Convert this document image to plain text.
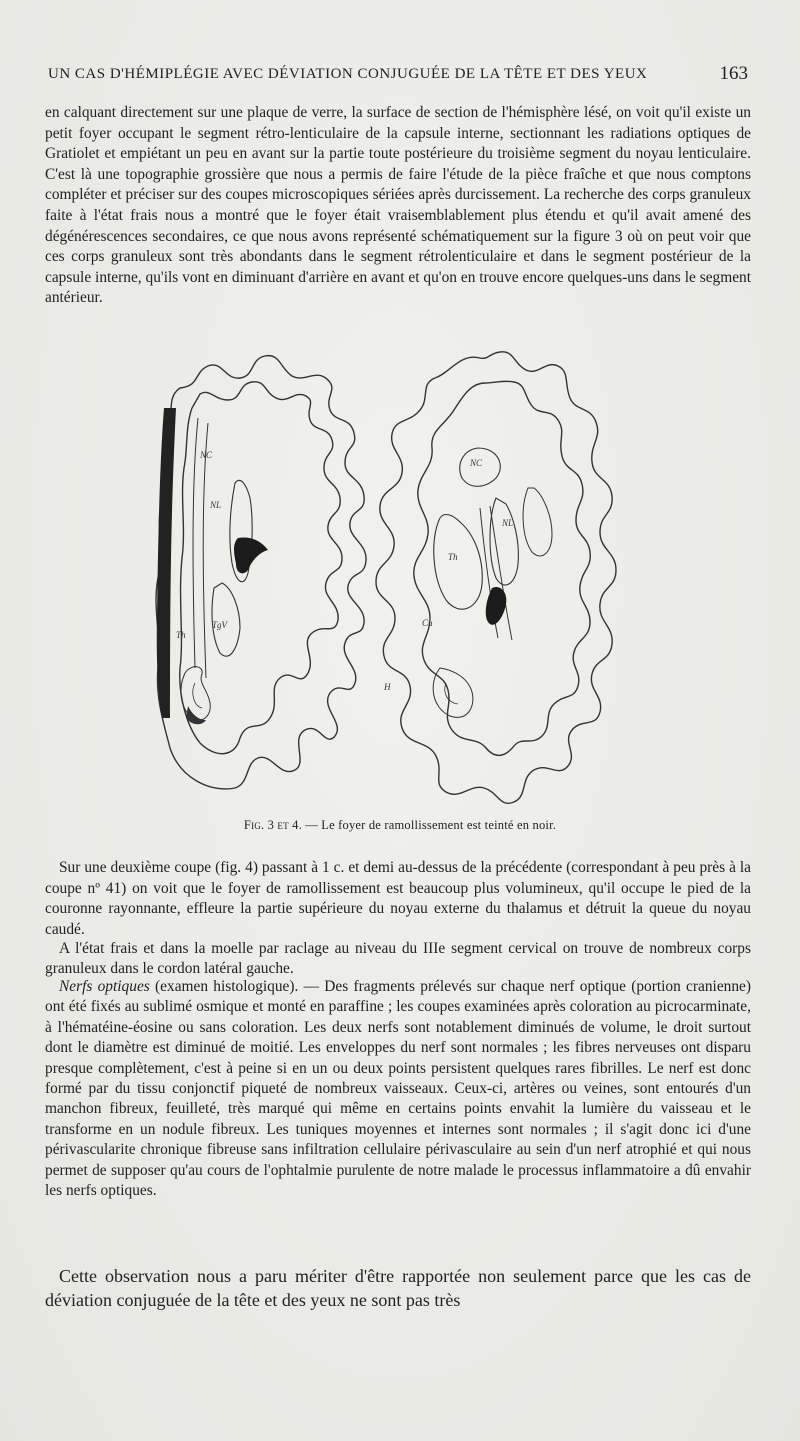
UN CAS D'HÉMIPLÉGIE AVEC DÉVIATION CONJUGUÉE DE LA TÊTE ET DES YEUX	163

en calquant directement sur une plaque de verre, la surface de section de l'hémisphère lésé, on voit qu'il existe un petit foyer occupant le segment rétro-lenticulaire de la capsule interne, sectionnant les radiations optiques de Gratiolet et empiétant un peu en avant sur la partie toute postérieure du troisième segment du noyau lenticulaire. C'est là une topographie grossière que nous a permis de faire l'étude de la pièce fraîche et que nous comptons compléter et préciser sur des coupes microscopiques sériées après durcissement. La recherche des corps granuleux faite à l'état frais nous a montré que le foyer était vraisemblablement plus étendu et qu'il avait amené des dégénérescences secondaires, ce que nous avons représenté schématiquement sur la figure 3 où on peut voir que ces corps granuleux sont très abondants dans le segment rétrolenticulaire et dans le segment postérieur de la capsule interne, qu'ils vont en diminuant d'arrière en avant et qu'on en trouve encore quelques-uns dans le segment antérieur.

NL
NC
Th
TgV
NC
Th
NL
Cu
H
Fig. 3 et 4. — Le foyer de ramollissement est teinté en noir.

Sur une deuxième coupe (fig. 4) passant à 1 c. et demi au-dessus de la précédente (correspondant à peu près à la coupe nº 41) on voit que le foyer de ramollissement est beaucoup plus volumineux, qu'il occupe le pied de la couronne rayonnante, effleure la partie supérieure du noyau externe du thalamus et détruit la queue du noyau caudé.

A l'état frais et dans la moelle par raclage au niveau du IIIe segment cervical on trouve de nombreux corps granuleux dans le cordon latéral gauche.

Nerfs optiques (examen histologique). — Des fragments prélevés sur chaque nerf optique (portion cranienne) ont été fixés au sublimé osmique et monté en paraffine ; les coupes examinées après coloration au picrocarminate, à l'hématéine-éosine ou sans coloration. Les deux nerfs sont notablement diminués de volume, le droit surtout dont le diamètre est diminué de moitié. Les enveloppes du nerf sont normales ; les fibres nerveuses ont disparu presque complètement, c'est à peine si en un ou deux points persistent quelques rares fibrilles. Le nerf est donc formé par du tissu conjonctif piqueté de nombreux vaisseaux. Ceux-ci, artères ou veines, sont entourés d'un manchon fibreux, feuilleté, très marqué qui même en certains points envahit la lumière du vaisseau et le transforme en un nodule fibreux. Les tuniques moyennes et internes sont normales ; il s'agit donc ici d'une périvascularite chronique fibreuse sans infiltration cellulaire périvasculaire au sein d'un nerf atrophié et qui nous permet de supposer qu'au cours de l'ophtalmie purulente de notre malade le processus inflammatoire a dû envahir les nerfs optiques.

Cette observation nous a paru mériter d'être rapportée non seulement parce que les cas de déviation conjuguée de la tête et des yeux ne sont pas très
